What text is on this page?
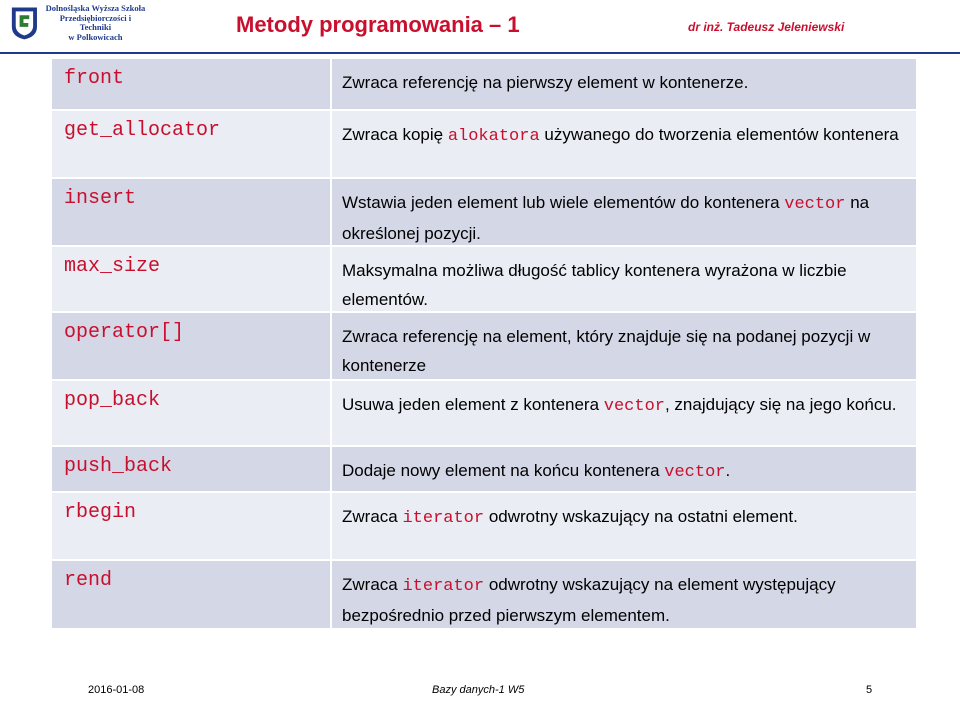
Dolnośląska Wyższa Szkoła
Przedsiębiorczości i Techniki
w Polkowicach	Metody programowania – 1	dr inż. Tadeusz Jeleniewski
front	Zwraca referencję na pierwszy element w kontenerze.
get_allocator	Zwraca kopię alokatora używanego do tworzenia elementów kontenera
insert	Wstawia jeden element lub wiele elementów do kontenera vector na określonej pozycji.
max_size	Maksymalna możliwa długość tablicy kontenera wyrażona w liczbie elementów.
operator[]	Zwraca referencję na element, który znajduje się na podanej pozycji w kontenerze
pop_back	Usuwa jeden element z kontenera vector, znajdujący się na jego końcu.
push_back	Dodaje nowy element na końcu kontenera vector.
rbegin	Zwraca iterator odwrotny wskazujący na ostatni element.
rend	Zwraca iterator odwrotny wskazujący na element występujący bezpośrednio przed pierwszym elementem.
2016-01-08	Bazy danych-1 W5	5
